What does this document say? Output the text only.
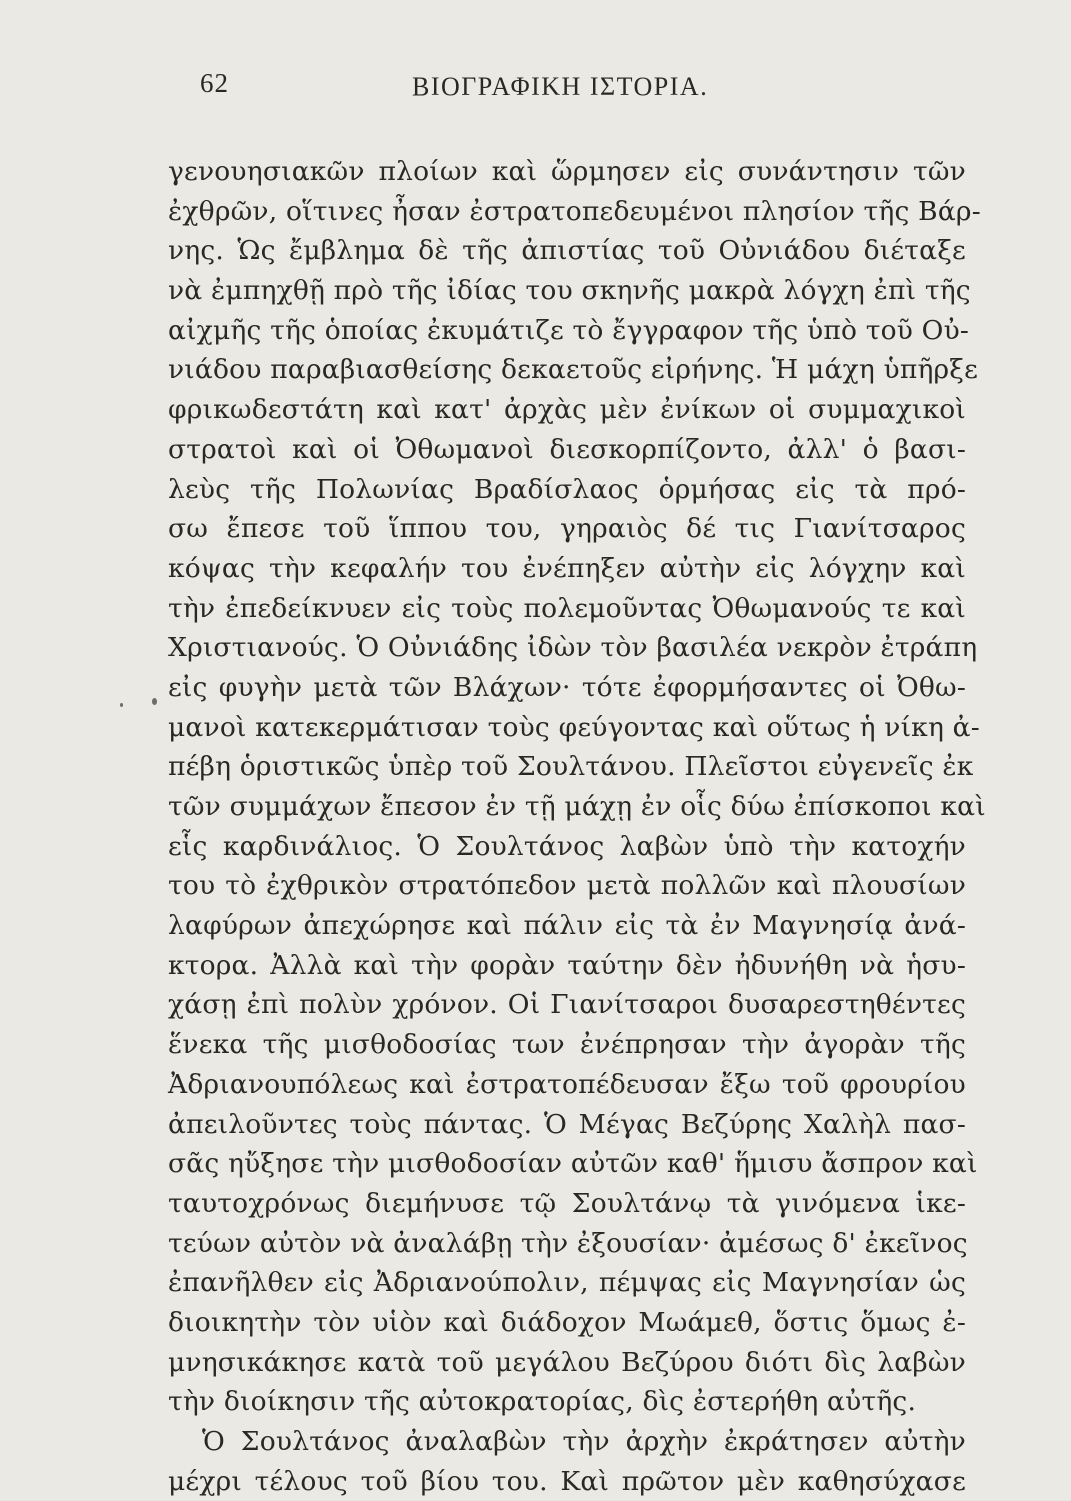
62	ΒΙΟΓΡΑΦΙΚΗ ΙΣΤΟΡΙΑ.
γενουησιακῶν πλοίων καὶ ὥρμησεν εἰς συνάντησιν τῶν
ἐχθρῶν, οἵτινες ἦσαν ἐστρατοπεδευμένοι πλησίον τῆς Βάρ-
νης. Ὡς ἔμβλημα δὲ τῆς ἀπιστίας τοῦ Οὐνιάδου διέταξε
νὰ ἐμπηχθῇ πρὸ τῆς ἰδίας του σκηνῆς μακρὰ λόγχη ἐπὶ τῆς
αἰχμῆς τῆς ὁποίας ἐκυμάτιζε τὸ ἔγγραφον τῆς ὑπὸ τοῦ Οὐ-
νιάδου παραβιασθείσης δεκαετοῦς εἰρήνης. Ἡ μάχη ὑπῆρξε
φρικωδεστάτη καὶ κατ' ἀρχὰς μὲν ἐνίκων οἱ συμμαχικοὶ
στρατοὶ καὶ οἱ Ὀθωμανοὶ διεσκορπίζοντο, ἀλλ' ὁ βασι-
λεὺς τῆς Πολωνίας Βραδίσλαος ὁρμήσας εἰς τὰ πρό-
σω ἔπεσε τοῦ ἵππου του, γηραιὸς δέ τις Γιανίτσαρος
κόψας τὴν κεφαλήν του ἐνέπηξεν αὐτὴν εἰς λόγχην καὶ
τὴν ἐπεδείκνυεν εἰς τοὺς πολεμοῦντας Ὀθωμανούς τε καὶ
Χριστιανούς. Ὁ Οὐνιάδης ἰδὼν τὸν βασιλέα νεκρὸν ἐτράπη
εἰς φυγὴν μετὰ τῶν Βλάχων· τότε ἐφορμήσαντες οἱ Ὀθω-
μανοὶ κατεκερμάτισαν τοὺς φεύγοντας καὶ οὕτως ἡ νίκη ἀ-
πέβη ὁριστικῶς ὑπὲρ τοῦ Σουλτάνου. Πλεῖστοι εὐγενεῖς ἐκ
τῶν συμμάχων ἔπεσον ἐν τῇ μάχῃ ἐν οἷς δύω ἐπίσκοποι καὶ
εἷς καρδινάλιος. Ὁ Σουλτάνος λαβὼν ὑπὸ τὴν κατοχήν
του τὸ ἐχθρικὸν στρατόπεδον μετὰ πολλῶν καὶ πλουσίων
λαφύρων ἀπεχώρησε καὶ πάλιν εἰς τὰ ἐν Μαγνησίᾳ ἀνά-
κτορα. Ἀλλὰ καὶ τὴν φορὰν ταύτην δὲν ἠδυνήθη νὰ ἡσυ-
χάσῃ ἐπὶ πολὺν χρόνον. Οἱ Γιανίτσαροι δυσαρεστηθέντες
ἕνεκα τῆς μισθοδοσίας των ἐνέπρησαν τὴν ἀγορὰν τῆς
Ἀδριανουπόλεως καὶ ἐστρατοπέδευσαν ἔξω τοῦ φρουρίου
ἀπειλοῦντες τοὺς πάντας. Ὁ Μέγας Βεζύρης Χαλὴλ πασ-
σᾶς ηὔξησε τὴν μισθοδοσίαν αὐτῶν καθ' ἥμισυ ἄσπρον καὶ
ταυτοχρόνως διεμήνυσε τῷ Σουλτάνῳ τὰ γινόμενα ἱκε-
τεύων αὐτὸν νὰ ἀναλάβῃ τὴν ἐξουσίαν· ἀμέσως δ' ἐκεῖνος
ἐπανῆλθεν εἰς Ἀδριανούπολιν, πέμψας εἰς Μαγνησίαν ὡς
διοικητὴν τὸν υἱὸν καὶ διάδοχον Μωάμεθ, ὅστις ὅμως ἐ-
μνησικάκησε κατὰ τοῦ μεγάλου Βεζύρου διότι δὶς λαβὼν
τὴν διοίκησιν τῆς αὐτοκρατορίας, δὶς ἐστερήθη αὐτῆς.
Ὁ Σουλτάνος ἀναλαβὼν τὴν ἀρχὴν ἐκράτησεν αὐτὴν
μέχρι τέλους τοῦ βίου του. Καὶ πρῶτον μὲν καθησύχασε
